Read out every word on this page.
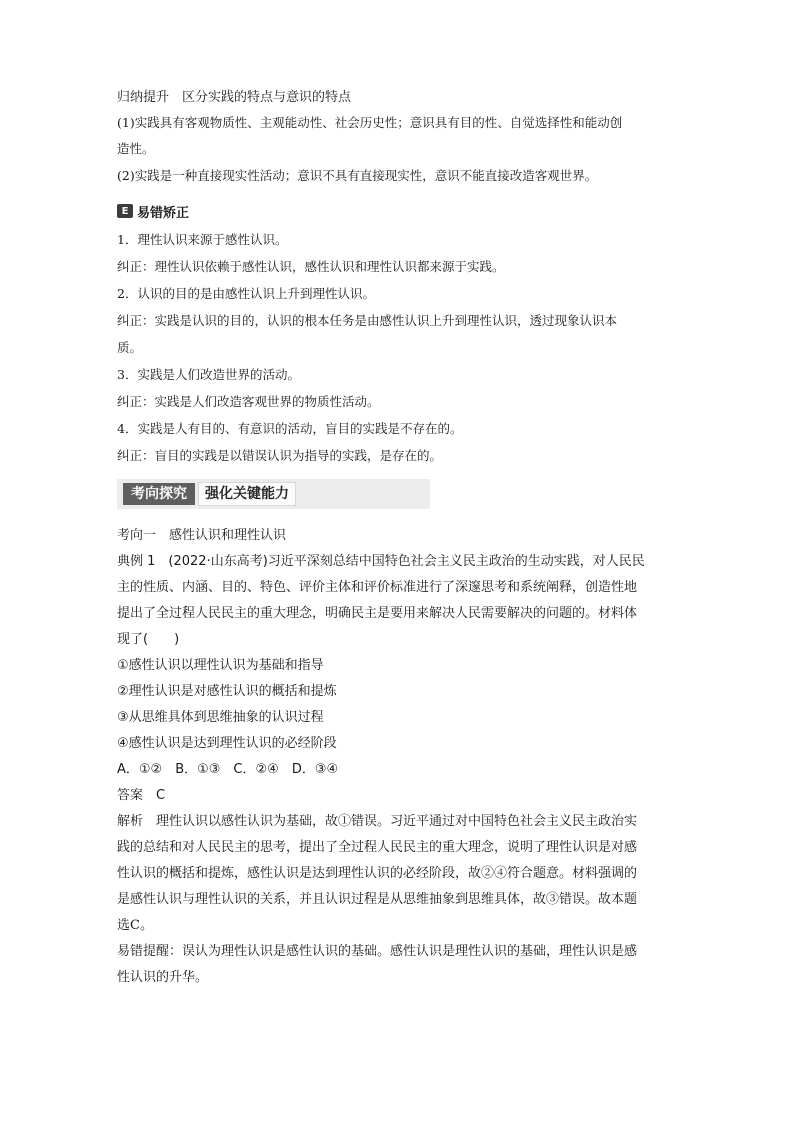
归纳提升　区分实践的特点与意识的特点
(1)实践具有客观物质性、主观能动性、社会历史性；意识具有目的性、自觉选择性和能动创
造性。
(2)实践是一种直接现实性活动；意识不具有直接现实性，意识不能直接改造客观世界。
E 易错矫正
1．理性认识来源于感性认识。
纠正：理性认识依赖于感性认识，感性认识和理性认识都来源于实践。
2．认识的目的是由感性认识上升到理性认识。
纠正：实践是认识的目的，认识的根本任务是由感性认识上升到理性认识，透过现象认识本
质。
3．实践是人们改造世界的活动。
纠正：实践是人们改造客观世界的物质性活动。
4．实践是人有目的、有意识的活动，盲目的实践是不存在的。
纠正：盲目的实践是以错误认识为指导的实践，是存在的。
考向探究	强化关键能力
考向一　感性认识和理性认识
典例 1　(2022·山东高考)习近平深刻总结中国特色社会主义民主政治的生动实践，对人民民
主的性质、内涵、目的、特色、评价主体和评价标准进行了深邃思考和系统阐释，创造性地
提出了全过程人民民主的重大理念，明确民主是要用来解决人民需要解决的问题的。材料体
现了(　　)
①感性认识以理性认识为基础和指导
②理性认识是对感性认识的概括和提炼
③从思维具体到思维抽象的认识过程
④感性认识是达到理性认识的必经阶段
A．①②　B．①③　C．②④　D．③④
答案　C
解析　理性认识以感性认识为基础，故①错误。习近平通过对中国特色社会主义民主政治实
践的总结和对人民民主的思考，提出了全过程人民民主的重大理念，说明了理性认识是对感
性认识的概括和提炼，感性认识是达到理性认识的必经阶段，故②④符合题意。材料强调的
是感性认识与理性认识的关系，并且认识过程是从思维抽象到思维具体，故③错误。故本题
选C。
易错提醒：误认为理性认识是感性认识的基础。感性认识是理性认识的基础，理性认识是感
性认识的升华。
